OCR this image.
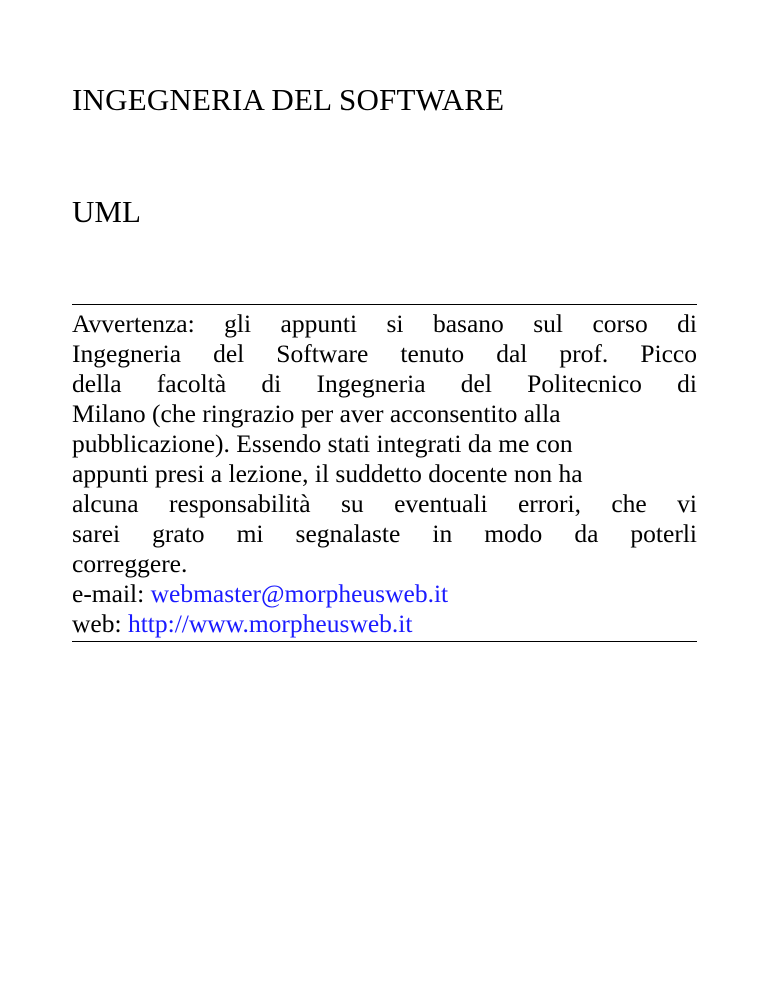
INGEGNERIA DEL SOFTWARE
UML
Avvertenza: gli appunti si basano sul corso di
Ingegneria del Software tenuto dal prof. Picco
della facoltà di Ingegneria del Politecnico di
Milano (che ringrazio per aver acconsentito alla
pubblicazione). Essendo stati integrati da me con
appunti presi a lezione, il suddetto docente non ha
alcuna responsabilità su eventuali errori, che vi
sarei grato mi segnalaste in modo da poterli
correggere.
e-mail: webmaster@morpheusweb.it
web: http://www.morpheusweb.it
